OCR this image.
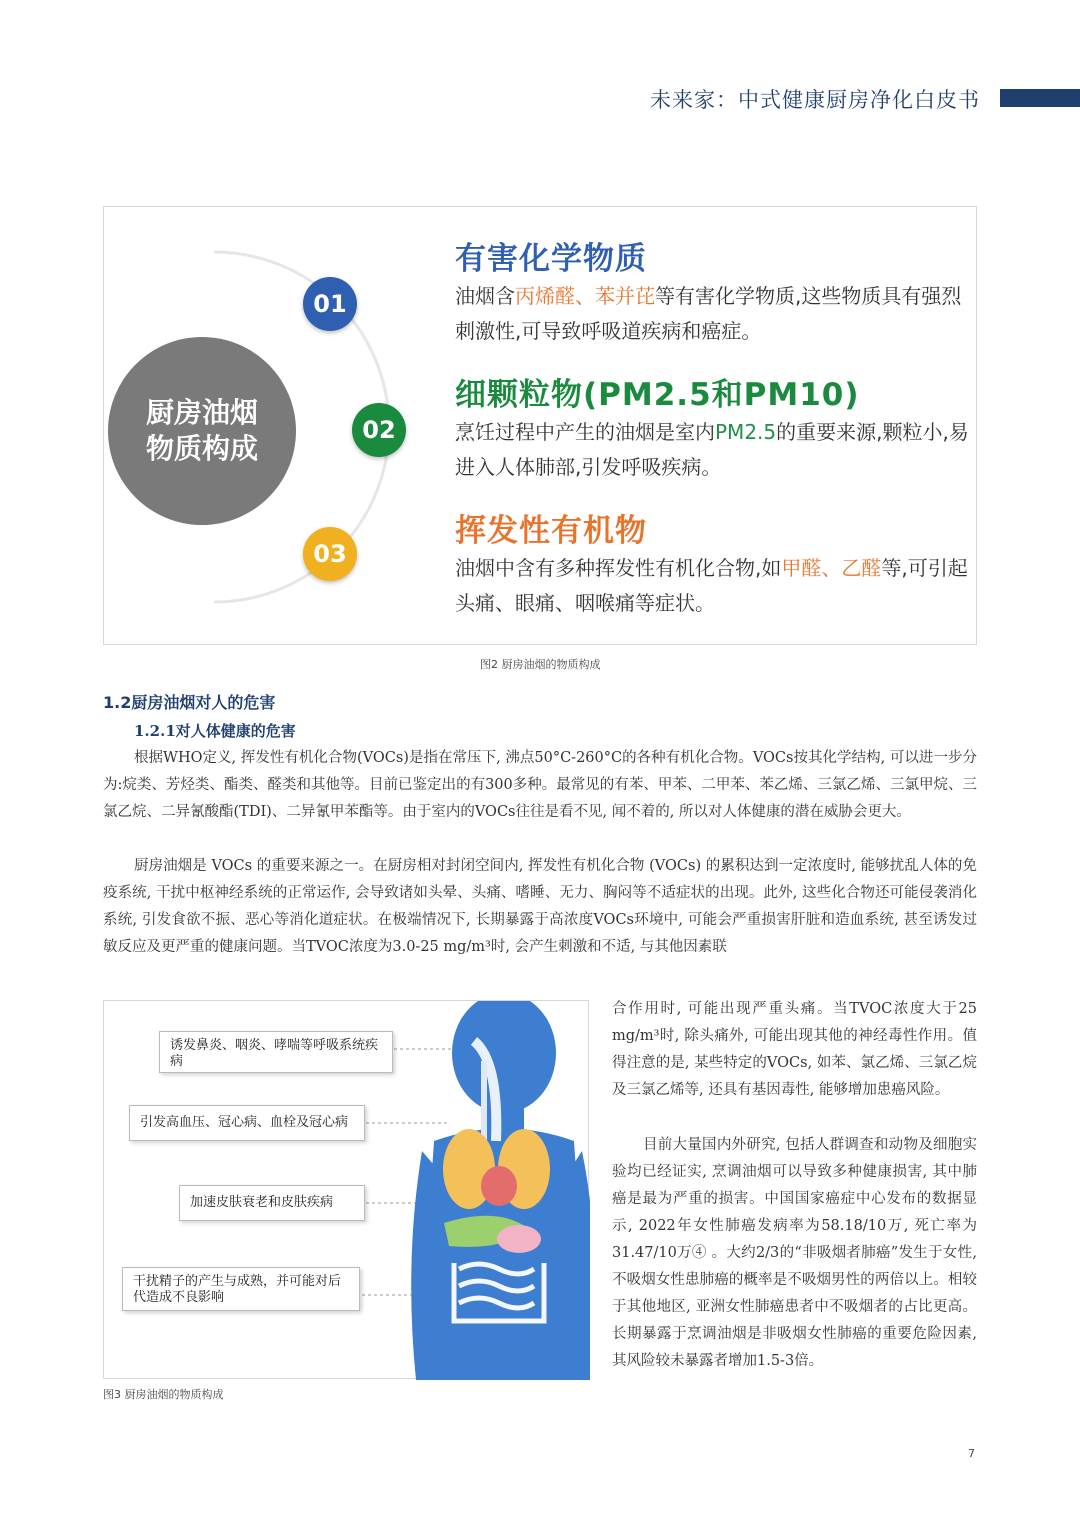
未来家：中式健康厨房净化白皮书
厨房油烟
物质构成
01
02
03
有害化学物质
油烟含丙烯醛、苯并芘等有害化学物质,这些物质具有强烈刺激性,可导致呼吸道疾病和癌症。
细颗粒物(PM2.5和PM10)
烹饪过程中产生的油烟是室内PM2.5的重要来源,颗粒小,易进入人体肺部,引发呼吸疾病。
挥发性有机物
油烟中含有多种挥发性有机化合物,如甲醛、乙醛等,可引起头痛、眼痛、咽喉痛等症状。
图2 厨房油烟的物质构成
1.2厨房油烟对人的危害
1.2.1对人体健康的危害
根据WHO定义, 挥发性有机化合物(VOCs)是指在常压下, 沸点50°C-260°C的各种有机化合物。VOCs按其化学结构, 可以进一步分为:烷类、芳烃类、酯类、醛类和其他等。目前已鉴定出的有300多种。最常见的有苯、甲苯、二甲苯、苯乙烯、三氯乙烯、三氯甲烷、三氯乙烷、二异氰酸酯(TDI)、二异氰甲苯酯等。由于室内的VOCs往往是看不见, 闻不着的, 所以对人体健康的潜在威胁会更大。
厨房油烟是 VOCs 的重要来源之一。在厨房相对封闭空间内, 挥发性有机化合物 (VOCs) 的累积达到一定浓度时, 能够扰乱人体的免疫系统, 干扰中枢神经系统的正常运作, 会导致诸如头晕、头痛、嗜睡、无力、胸闷等不适症状的出现。此外, 这些化合物还可能侵袭消化系统, 引发食欲不振、恶心等消化道症状。在极端情况下, 长期暴露于高浓度VOCs环境中, 可能会严重损害肝脏和造血系统, 甚至诱发过敏反应及更严重的健康问题。当TVOC浓度为3.0-25 mg/m³时, 会产生刺激和不适, 与其他因素联
合作用时, 可能出现严重头痛。当TVOC浓度大于25 mg/m³时, 除头痛外, 可能出现其他的神经毒性作用。值得注意的是, 某些特定的VOCs, 如苯、氯乙烯、三氯乙烷及三氯乙烯等, 还具有基因毒性, 能够增加患癌风险。
目前大量国内外研究, 包括人群调查和动物及细胞实验均已经证实, 烹调油烟可以导致多种健康损害, 其中肺癌是最为严重的损害。中国国家癌症中心发布的数据显示, 2022年女性肺癌发病率为58.18/10万, 死亡率为31.47/10万④ 。大约2/3的“非吸烟者肺癌”发生于女性, 不吸烟女性患肺癌的概率是不吸烟男性的两倍以上。相较于其他地区, 亚洲女性肺癌患者中不吸烟者的占比更高。长期暴露于烹调油烟是非吸烟女性肺癌的重要危险因素, 其风险较未暴露者增加1.5-3倍。
诱发鼻炎、咽炎、哮喘等呼吸系统疾病
引发高血压、冠心病、血栓及冠心病
加速皮肤衰老和皮肤疾病
干扰精子的产生与成熟，并可能对后代造成不良影响
图3 厨房油烟的物质构成
7
